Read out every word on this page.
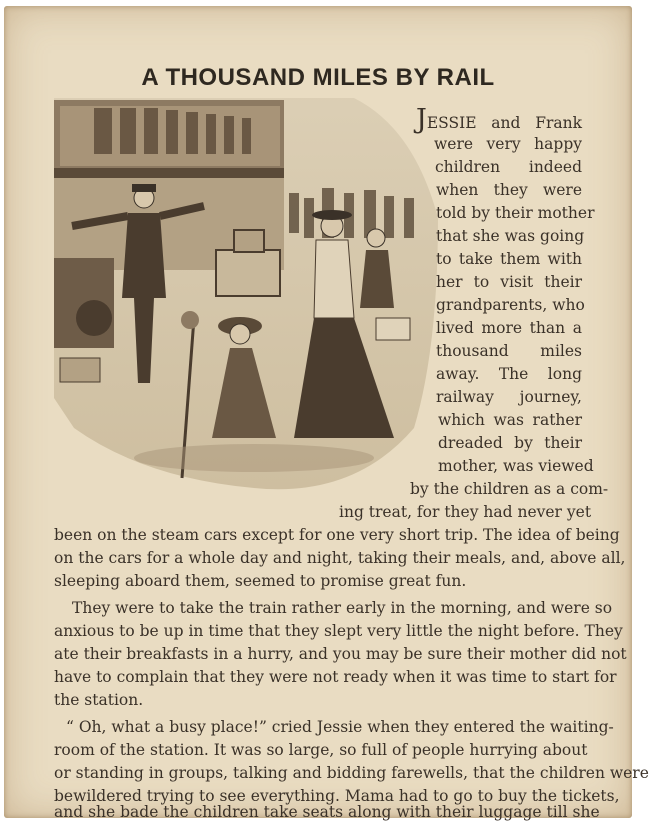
A THOUSAND MILES BY RAIL
JESSIE and Frank
were very happy
children indeed
when they were
told by their mother
that she was going
to take them with
her to visit their
grandparents, who
lived more than a
thousand miles
away. The long
railway journey,
which was rather
dreaded by their
mother, was viewed
by the children as a com-
ing treat, for they had never yet
been on the steam cars except for one very short trip. The idea of being
on the cars for a whole day and night, taking their meals, and, above all,
sleeping aboard them, seemed to promise great fun.
They were to take the train rather early in the morning, and were so
anxious to be up in time that they slept very little the night before. They
ate their breakfasts in a hurry, and you may be sure their mother did not
have to complain that they were not ready when it was time to start for
the station.
“ Oh, what a busy place!” cried Jessie when they entered the waiting-
room of the station. It was so large, so full of people hurrying about
or standing in groups, talking and bidding farewells, that the children were
bewildered trying to see everything. Mama had to go to buy the tickets,
and she bade the children take seats along with their luggage till she
